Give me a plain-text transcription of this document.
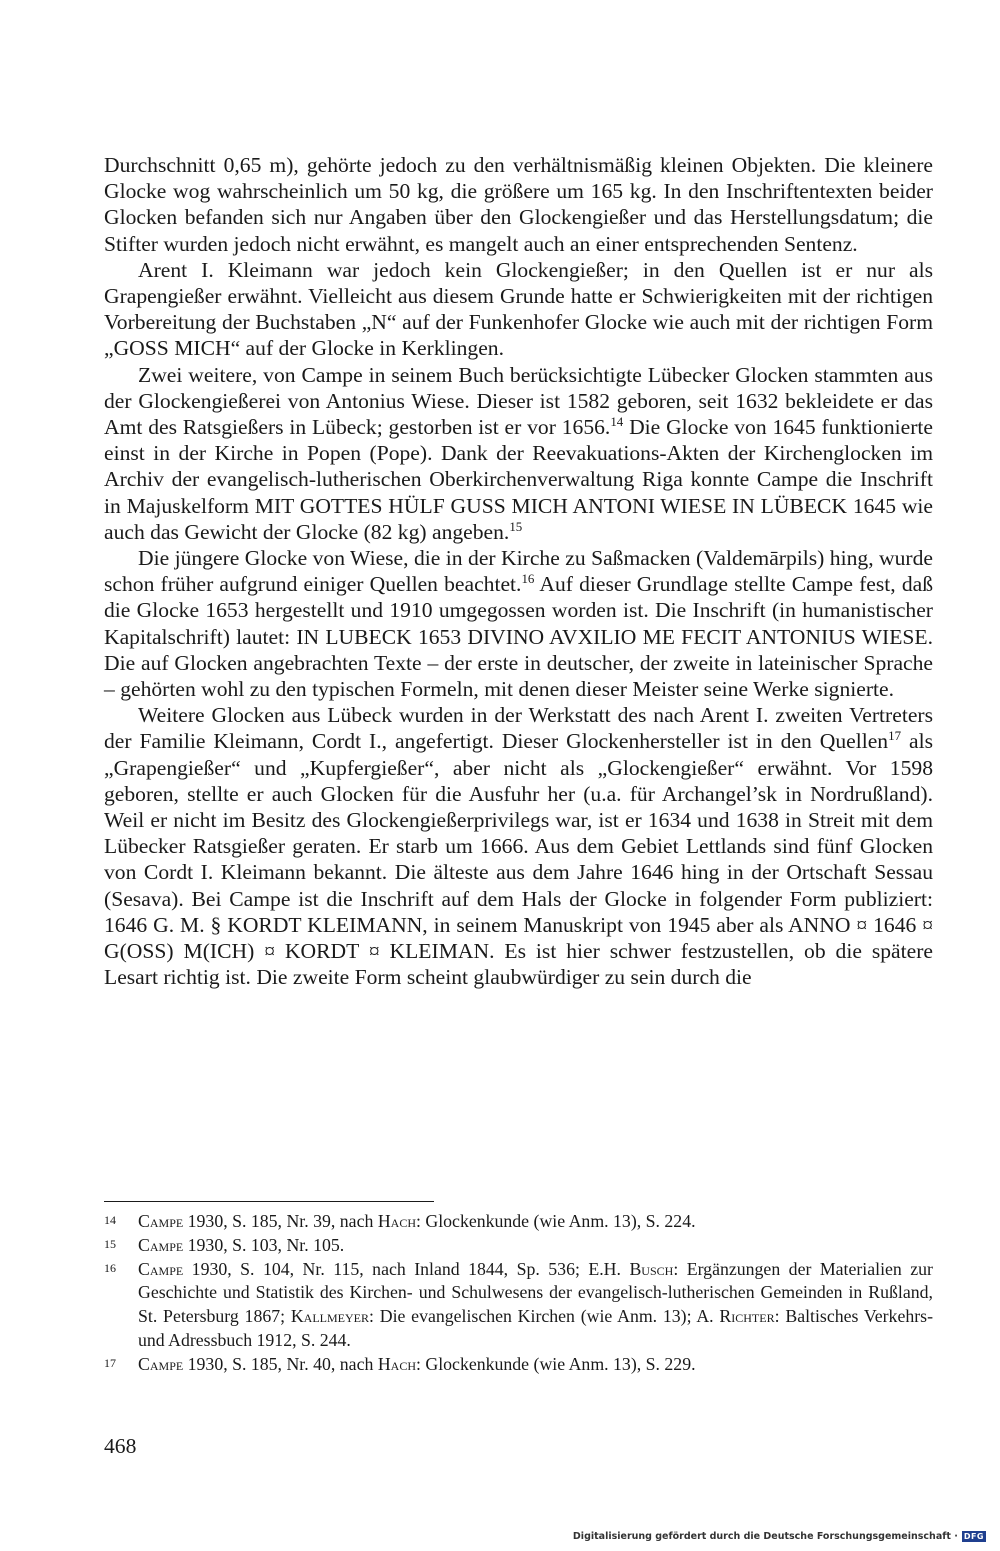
Durchschnitt 0,65 m), gehörte jedoch zu den verhältnismäßig kleinen Objekten. Die kleinere Glocke wog wahrscheinlich um 50 kg, die größere um 165 kg. In den Inschriftentexten beider Glocken befanden sich nur Angaben über den Glockengießer und das Herstellungsdatum; die Stifter wurden jedoch nicht erwähnt, es mangelt auch an einer entsprechenden Sentenz.

Arent I. Kleimann war jedoch kein Glockengießer; in den Quellen ist er nur als Grapengießer erwähnt. Vielleicht aus diesem Grunde hatte er Schwierigkeiten mit der richtigen Vorbereitung der Buchstaben „N“ auf der Funkenhofer Glocke wie auch mit der richtigen Form „GOSS MICH“ auf der Glocke in Kerklingen.

Zwei weitere, von Campe in seinem Buch berücksichtigte Lübecker Glocken stammten aus der Glockengießerei von Antonius Wiese. Dieser ist 1582 geboren, seit 1632 bekleidete er das Amt des Ratsgießers in Lübeck; gestorben ist er vor 1656.14 Die Glocke von 1645 funktionierte einst in der Kirche in Popen (Pope). Dank der Reevakuations-Akten der Kirchenglocken im Archiv der evangelisch-lutherischen Oberkirchenverwaltung Riga konnte Campe die Inschrift in Majuskelform MIT GOTTES HÜLF GUSS MICH ANTONI WIESE IN LÜBECK 1645 wie auch das Gewicht der Glocke (82 kg) angeben.$^{15}$

Die jüngere Glocke von Wiese, die in der Kirche zu Saßmacken (Valdemārpils) hing, wurde schon früher aufgrund einiger Quellen beachtet.$^{16}$ Auf dieser Grundlage stellte Campe fest, daß die Glocke 1653 hergestellt und 1910 umgegossen worden ist. Die Inschrift (in humanistischer Kapitalschrift) lautet: IN LUBECK 1653 DIVINO AVXILIO ME FECIT ANTONIUS WIESE. Die auf Glocken angebrachten Texte – der erste in deutscher, der zweite in lateinischer Sprache – gehörten wohl zu den typischen Formeln, mit denen dieser Meister seine Werke signierte.

Weitere Glocken aus Lübeck wurden in der Werkstatt des nach Arent I. zweiten Vertreters der Familie Kleimann, Cordt I., angefertigt. Dieser Glockenhersteller ist in den Quellen$^{17}$ als „Grapengießer“ und „Kupfergießer“, aber nicht als „Glockengießer“ erwähnt. Vor 1598 geboren, stellte er auch Glocken für die Ausfuhr her (u.a. für Archangel’sk in Nordrußland). Weil er nicht im Besitz des Glockengießerprivilegs war, ist er 1634 und 1638 in Streit mit dem Lübecker Ratsgießer geraten. Er starb um 1666. Aus dem Gebiet Lettlands sind fünf Glocken von Cordt I. Kleimann bekannt. Die älteste aus dem Jahre 1646 hing in der Ortschaft Sessau (Sesava). Bei Campe ist die Inschrift auf dem Hals der Glocke in folgender Form publiziert: 1646 G. M. § KORDT KLEIMANN, in seinem Manuskript von 1945 aber als ANNO ¤ 1646 ¤ G(OSS) M(ICH) ¤ KORDT ¤ KLEIMAN. Es ist hier schwer festzustellen, ob die spätere Lesart richtig ist. Die zweite Form scheint glaubwürdiger zu sein durch die

14	Campe 1930, S. 185, Nr. 39, nach Hach: Glockenkunde (wie Anm. 13), S. 224.
15	Campe 1930, S. 103, Nr. 105.
16	Campe 1930, S. 104, Nr. 115, nach Inland 1844, Sp. 536; E.H. Busch: Ergänzungen der Materialien zur Geschichte und Statistik des Kirchen- und Schulwesens der evangelisch-lutherischen Gemeinden in Rußland, St. Petersburg 1867; Kallmeyer: Die evangelischen Kirchen (wie Anm. 13); A. Richter: Baltisches Verkehrs- und Adressbuch 1912, S. 244.
17	Campe 1930, S. 185, Nr. 40, nach Hach: Glockenkunde (wie Anm. 13), S. 229.
468
Digitalisierung gefördert durch die Deutsche Forschungsgemeinschaft · DFG
